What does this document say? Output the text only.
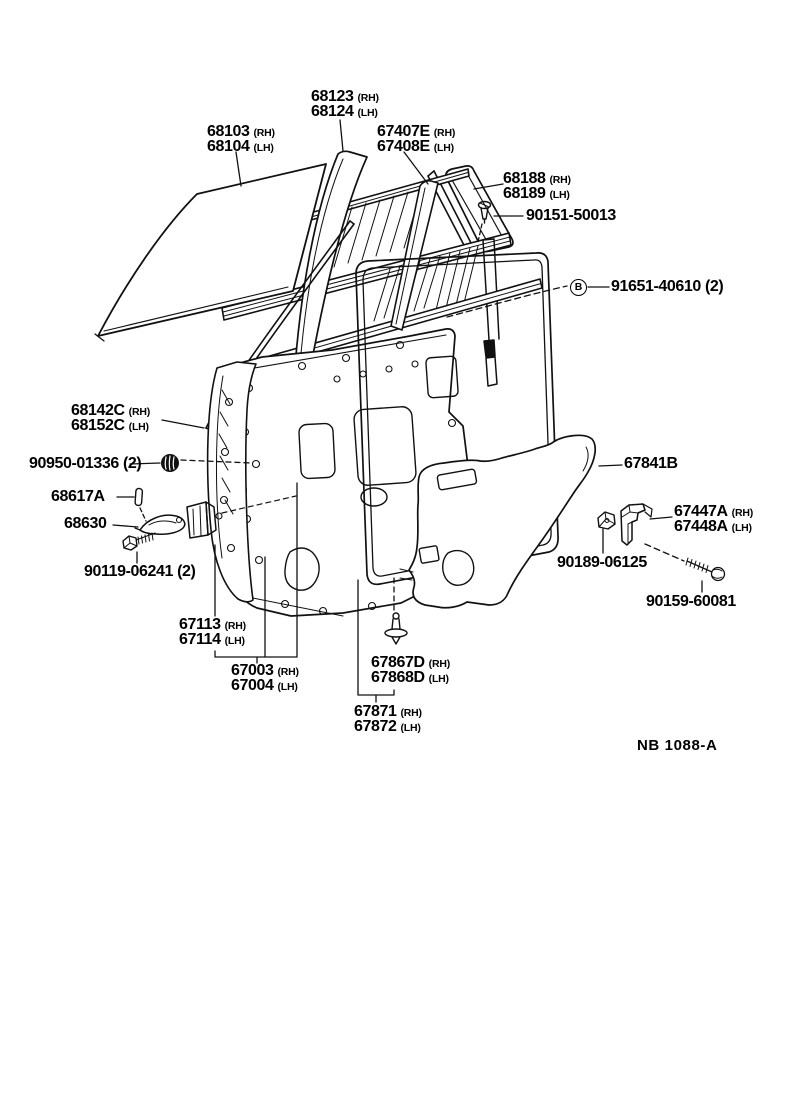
68123 (RH)
68124 (LH)
68103 (RH)
68104 (LH)
67407E (RH)
67408E (LH)
68188 (RH)
68189 (LH)
90151-50013
91651-40610 (2)
B
68142C (RH)
68152C (LH)
90950-01336 (2)
68617A
68630
90119-06241 (2)
67113 (RH)
67114 (LH)
67003 (RH)
67004 (LH)
67867D (RH)
67868D (LH)
67871 (RH)
67872 (LH)
67841B
67447A (RH)
67448A (LH)
90189-06125
90159-60081
NB 1088-A
